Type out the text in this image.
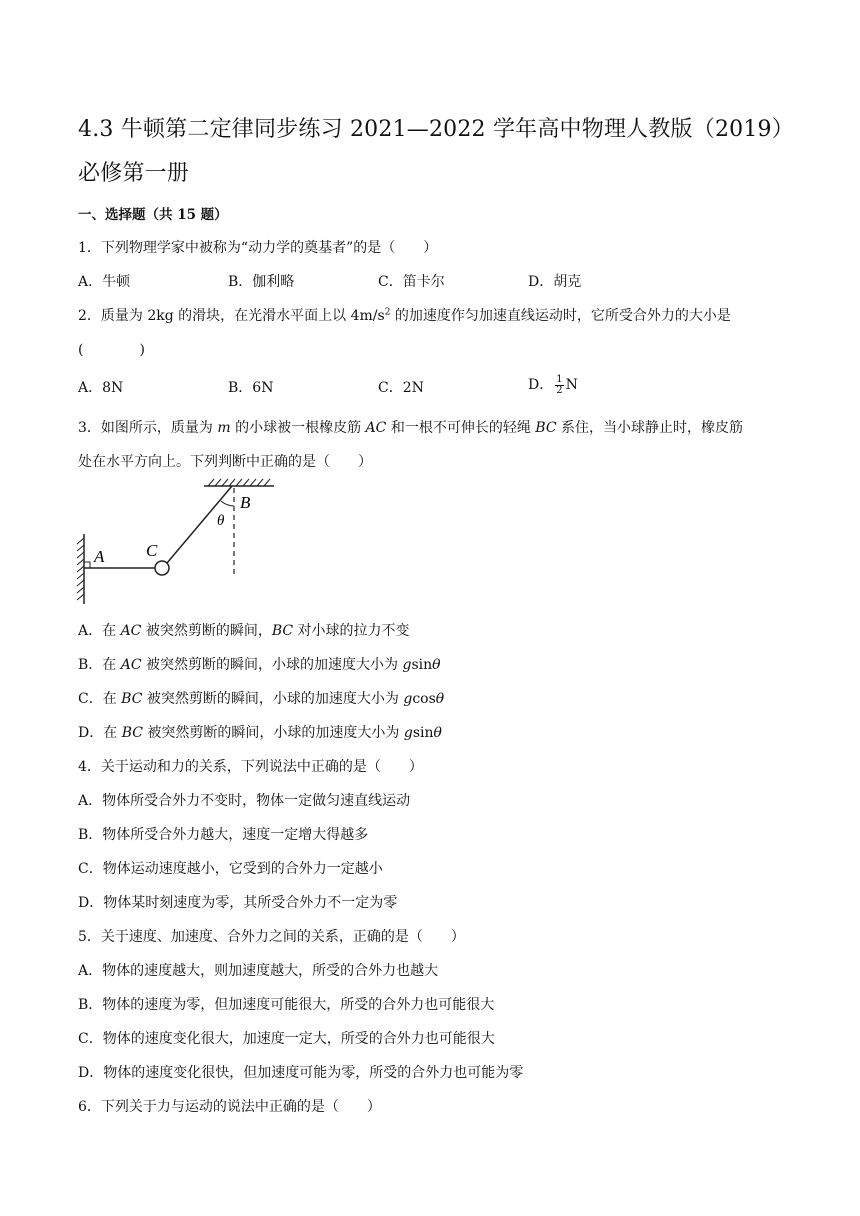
4.3 牛顿第二定律同步练习 2021—2022 学年高中物理人教版（2019）
必修第一册
一、选择题（共 15 题）
1．下列物理学家中被称为“动力学的奠基者”的是（　　）
A．牛顿	B．伽利略	C．笛卡尔	D．胡克
2．质量为 2kg 的滑块，在光滑水平面上以 $4m/s^2$ 的加速度作匀加速直线运动时，它所受合外力的大小是
(　　　　)
A．8N	B．6N	C．2N	D． $\frac{1}{2}$ N
3．如图所示，质量为 m 的小球被一根橡皮筋 AC 和一根不可伸长的轻绳 BC 系住，当小球静止时，橡皮筋
处在水平方向上。下列判断中正确的是（　　）
A C
B
θ
A．在 AC 被突然剪断的瞬间，BC 对小球的拉力不变
B．在 AC 被突然剪断的瞬间，小球的加速度大小为 gsinθ
C．在 BC 被突然剪断的瞬间，小球的加速度大小为 gcosθ
D．在 BC 被突然剪断的瞬间，小球的加速度大小为 gsinθ
4．关于运动和力的关系，下列说法中正确的是（　　）
A．物体所受合外力不变时，物体一定做匀速直线运动
B．物体所受合外力越大，速度一定增大得越多
C．物体运动速度越小，它受到的合外力一定越小
D．物体某时刻速度为零，其所受合外力不一定为零
5．关于速度、加速度、合外力之间的关系，正确的是（　　）
A．物体的速度越大，则加速度越大，所受的合外力也越大
B．物体的速度为零，但加速度可能很大，所受的合外力也可能很大
C．物体的速度变化很大，加速度一定大，所受的合外力也可能很大
D．物体的速度变化很快，但加速度可能为零，所受的合外力也可能为零
6．下列关于力与运动的说法中正确的是（　　）
